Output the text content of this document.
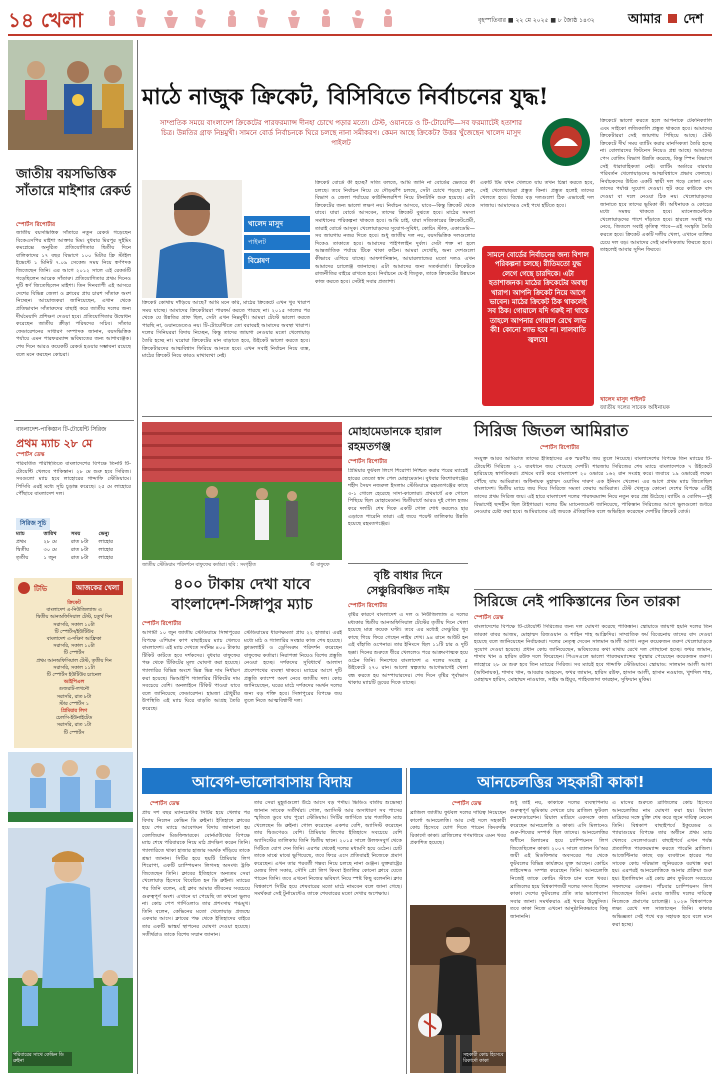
১৪ খেলা	বৃহস্পতিবার ■ ২২ মে ২০২৫ ■ ৮ জ্যৈষ্ঠ ১৪৩২	আমার দেশ
জাতীয় বয়সভিত্তিক সাঁতারে মাইশার রেকর্ড
স্পোর্টস রিপোর্টার
জাতীয় বয়সভিত্তিক সাঁতারে নতুন রেকর্ড গড়েছেন বিকেএসপির মাইশা আক্তার মিম। বুধবার মিরপুর সুইমিং কমপ্লেক্সে অনুষ্ঠিত প্রতিযোগিতার দ্বিতীয় দিনে বালিকাদের ১৭ বছর বিভাগে ১০০ মিটার ফ্রি স্টাইল ইভেন্টে ১ মিনিট ৭.০৯ সেকেন্ড সময় নিয়ে স্বর্ণপদক জিতেছেন তিনি। এর আগে ২০১২ সালে এই রেকর্ডটি গড়েছিলেন আরেক সাঁতারু। প্রতিযোগিতার প্রথম দিনেও দুটি স্বর্ণ জিতেছিলেন মাইশা। তিন দিনব্যাপী এই আসরে দেশের বিভিন্ন জেলা ও ক্লাবের প্রায় চারশ সাঁতারু অংশ নিচ্ছেন। আয়োজকরা জানিয়েছেন, এখান থেকে প্রতিভাবান সাঁতারুদের বাছাই করে জাতীয় দলের জন্য দীর্ঘমেয়াদি প্রশিক্ষণ দেওয়া হবে। প্রতিযোগিতার উদ্বোধন করেছেন জাতীয় ক্রীড়া পরিষদের সচিব। সাঁতার ফেডারেশনের সাধারণ সম্পাদক জানান, বয়সভিত্তিক পর্যায়ে এমন পারফরম্যান্স ভবিষ্যতের জন্য আশাব্যঞ্জক। শেষ দিনে আরও কয়েকটি রেকর্ড হওয়ার সম্ভাবনা রয়েছে বলে মনে করছেন কোচরা।
বাংলাদেশ-পাকিস্তান টি-টোয়েন্টি সিরিজ
প্রথম ম্যাচ ২৮ মে
স্পোর্টস ডেস্ক
পরিবর্তিত পরিস্থিতিতে বাংলাদেশের বিপক্ষে তিনটি টি-টোয়েন্টি খেলবে পাকিস্তান। ২৮ মে শুরু হবে সিরিজ। সবগুলো ম্যাচ হবে লাহোরের গাদ্দাফি স্টেডিয়ামে। পিসিবি এরই মধ্যে সূচি চূড়ান্ত করেছে। ২৫ মে লাহোরে পৌঁছাবে বাংলাদেশ দল।
সিরিজ সূচি
ম্যাচ	তারিখ	সময়	ভেন্যু
প্রথম	২৮ মে	রাত ৮টা	লাহোর
দ্বিতীয়	৩০ মে	রাত ৮টা	লাহোর
তৃতীয়	১ জুন	রাত ৮টা	লাহোর
টিভি	আজকের খেলা
ক্রিকেট
বাংলাদেশ এ-নিউজিল্যান্ড এ
দ্বিতীয় আনঅফিসিয়াল টেস্ট, চতুর্থ দিন
সরাসরি, সকাল ১০টা
টি স্পোর্টস/ইউটিউব
বাংলাদেশ এ-দক্ষিণ আফ্রিকা
সরাসরি, সকাল ১০টা
টি স্পোর্টস
প্রথম আনঅফিসিয়াল টেস্ট, তৃতীয় দিন
সরাসরি, সকাল ১১টা
টি স্পোর্টস ইউটিউব চ্যানেল
আইপিএল
গুজরাট-লখনৌ
সরাসরি, রাত ৮টা
স্টার স্পোর্টস ১
প্রিমিয়ার লিগ
চেলসি-ইউনাইটেড
সরাসরি, রাত ১টা
টি স্পোর্টস
মাঠে নাজুক ক্রিকেট, বিসিবিতে নির্বাচনের যুদ্ধ!
সাম্প্রতিক সময়ে বাংলাদেশ ক্রিকেটের পারফরম্যান্স দীনহা চোখে পড়ার মতো। টেস্ট, ওয়ানডে ও টি-টোয়েন্টি—সব ফরম্যাটেই হতাশার চিত্র। উন্নতির গ্রাফ নিম্নমুখী। সামনে বোর্ড নির্বাচনকে ঘিরে চলছে নানা সমীকরণ। কেমন আছে ক্রিকেট? উত্তর খুঁজেছেন খালেদ মাসুদ পাইলট
খালেদ মাসুদ
পাইলট
বিশ্লেষণ
ক্রিকেট কোথায় দাঁড়িয়ে আছে? আমি মনে করি, মাঠের ক্রিকেটে এখন খুব খারাপ সময় যাচ্ছে। আমাদের ক্রিকেটাররা পারফর্ম করতে পারছে না। ২০১৫ সালের পর থেকে যে উন্নতির গ্রাফ ছিল, সেটা এখন নিম্নমুখী। আমরা টেস্টে ভালো করতে পারছি না, ওয়ানডেতেও নয়। টি-টোয়েন্টিতে তো বরাবরই আমাদের অবস্থা খারাপ। দলের সিনিয়ররা বিদায় নিচ্ছেন, কিন্তু তাদের জায়গা নেওয়ার মতো খেলোয়াড় তৈরি হচ্ছে না। ঘরোয়া ক্রিকেটের মান বাড়াতে হবে, উইকেট ভালো করতে হবে। ক্রিকেটারদের আত্মবিশ্বাস ফিরিয়ে আনতে হবে। এখন সবাই নির্বাচন নিয়ে ব্যস্ত, মাঠের ক্রিকেট নিয়ে কারও মাথাব্যথা নেই।
ক্রিকেট বোর্ডে কী হচ্ছে? সত্যি বলতে, আমি জানি না বোর্ডের ভেতরে কী চলছে। তবে নির্বাচন নিয়ে যে দৌড়ঝাঁপ চলছে, সেটা চোখে পড়ছে। ক্লাব, বিভাগ ও জেলা পর্যায়ের কাউন্সিলরশিপ নিয়ে টানাটানি শুরু হয়েছে। এটা ক্রিকেটের জন্য ভালো লক্ষণ নয়। নির্বাচন আসবে, যাবে—কিন্তু ক্রিকেট থেকে যাবে। যারা বোর্ডে আসবেন, তাদের ক্রিকেট বুঝতে হবে। মাঠের সমস্যা সমাধানের পরিকল্পনা থাকতে হবে। আমি চাই, যারা সত্যিকারের ক্রিকেটপ্রেমী, তারাই বোর্ডে আসুক। খেলোয়াড়দের সুযোগ-সুবিধা, কোচিং স্টাফ, একাডেমি—সব জায়গায় নজর দিতে হবে। শুধু জাতীয় দল নয়, বয়সভিত্তিক দলগুলোর দিকেও তাকাতে হবে। আমাদের পাইপলাইন দুর্বল। সেটা শক্ত না হলে আন্তর্জাতিক পর্যায়ে টিকে থাকা কঠিন। আমরা দেখেছি, অন্য দেশগুলো কীভাবে এগিয়ে যাচ্ছে। আফগানিস্তান, আয়ারল্যান্ডের মতো দলও এখন আমাদের চ্যালেঞ্জ জানাচ্ছে। এটা আমাদের জন্য সতর্কবার্তা। ক্রিকেটকে রাজনীতির বাইরে রাখতে হবে। নির্বাচনে যে-ই জিতুক, তাকে ক্রিকেটের উন্নয়নে কাজ করতে হবে। সেটাই সবার প্রত্যাশা।
একটি টিম যখন খেলতে যায় তখন চিন্তা করতে হবে, সেই খেলোয়াড়রা প্রস্তুত কিনা। প্রস্তুত হলেই তাদের খেলতে হবে। বিশ্বের বড় দলগুলো ঠিক এভাবেই দল সাজায়। আমাদেরও সেই পথে হাঁটতে হবে।
সামনে বোর্ডের নির্বাচনের জন্য বিশাল পরিকল্পনা চলছে। রীতিমতো যুদ্ধ লেগে গেছে চারদিকে। এটা হতাশাজনক। মাঠের ক্রিকেটের অবস্থা খারাপ। আপনি ক্রিকেট নিয়ে আগে ভাবেন। মাঠের ক্রিকেট ঠিক থাকলেই সব ঠিক। গোয়ালে যদি গরুই না থাকে তাহলে আপনার গোয়াল রেখে লাভ কী! কোনো লাভ হবে না। লালবাতি জ্বলবে!
ক্রিকেটে ভালো করতে হলে আপনাকে টেকনিক্যালি এবং সাইকো লজিক্যালি প্রস্তুত থাকতে হবে। আমাদের ক্রিকেটাররা সেই জায়গায় পিছিয়ে আছে। টেস্ট ক্রিকেটে দীর্ঘ সময় ব্যাটিং করার মানসিকতা তৈরি হচ্ছে না। বোলারদের ফিটনেস নিয়েও প্রশ্ন আছে। আমাদের পেস বোলিং বিভাগ উন্নতি করেছে, কিন্তু স্পিন বিভাগে সেই ধারাবাহিকতা নেই। ব্যাটিং অর্ডারে বারবার পরিবর্তন খেলোয়াড়দের আত্মবিশ্বাসে প্রভাব ফেলছে। নির্বাচকদের উচিত একটি স্থায়ী দল গড়ে তোলা এবং তাদের পর্যাপ্ত সুযোগ দেওয়া। হুট করে কাউকে বাদ দেওয়া বা দলে নেওয়া ঠিক নয়। খেলোয়াড়দের জানাতে হবে তাদের ভূমিকা কী। অধিনায়ক ও কোচের মধ্যে সমন্বয় থাকতে হবে। ম্যানেজমেন্টকে খেলোয়াড়দের পাশে দাঁড়াতে হবে। হারলে সবাই দায় নেবে, জিতলে সবাই কৃতিত্ব পাবে—এই সংস্কৃতি তৈরি করতে হবে। ক্রিকেট একটি দলীয় খেলা, এখানে ব্যক্তির চেয়ে দল বড়। আমাদের সেই মানসিকতায় ফিরতে হবে। তাহলেই আবার সুদিন ফিরবে।
খালেদ মাসুদ পাইলট
জাতীয় দলের সাবেক অধিনায়ক
জাতীয় স্টেডিয়াম পরিদর্শনে বাফুফের কর্তারা। ছবি : সংগৃহীত	© বাফুফে
৪০০ টাকায় দেখা যাবে
বাংলাদেশ-সিঙ্গাপুর ম্যাচ
স্পোর্টস রিপোর্টার
আগামী ১০ জুন জাতীয় স্টেডিয়ামে সিঙ্গাপুরের বিপক্ষে এশিয়ান কাপ বাছাইয়ের ম্যাচ খেলবে বাংলাদেশ। এই ম্যাচ দেখতে সর্বনিম্ন ৪০০ টাকায় টিকিট কাটতে হবে দর্শকদের। বুধবার বাফুফের পক্ষ থেকে টিকিটের মূল্য ঘোষণা করা হয়েছে। গ্যালারির বিভিন্ন অংশে ভিন্ন ভিন্ন দাম নির্ধারণ করা হয়েছে। ভিআইপি গ্যালারির টিকিটের দাম সবচেয়ে বেশি। অনলাইনে টিকিট পাওয়া যাবে বলে জানিয়েছে ফেডারেশন। হামজা চৌধুরীর উপস্থিতি এই ম্যাচ ঘিরে বাড়তি আগ্রহ তৈরি করেছে।
স্টেডিয়ামের ধারণক্ষমতা প্রায় ২২ হাজার। এরই মধ্যে মাঠ ও গ্যালারির সংস্কার কাজ শেষ হয়েছে। ফ্লাডলাইট ও ড্রেসিংরুম পরিদর্শন করেছেন বাফুফের কর্তারা। নিরাপত্তা নিয়েও বিশেষ প্রস্তুতি নেওয়া হচ্ছে। দর্শকদের সুবিধার্থে আলাদা প্রবেশপথের ব্যবস্থা থাকবে। ম্যাচের আগে দুটি প্রস্তুতি ক্যাম্পে অংশ নেবে জাতীয় দল। কোচ জানিয়েছেন, ঘরের মাঠে দর্শকদের সমর্থন দলের জন্য বড় শক্তি হবে। সিঙ্গাপুরের বিপক্ষে জয় তুলে নিতে আত্মবিশ্বাসী দল।
মোহামেডানকে হারাল রহমতগঞ্জ
স্পোর্টস রিপোর্টার
প্রিমিয়ার ফুটবল লিগে শিরোপা নিশ্চিত করার পরের ম্যাচেই হারের তেতো স্বাদ পেল মোহামেডান। বুধবার কিশোরগঞ্জের শহীদ সৈয়দ নজরুল ইসলাম স্টেডিয়ামে রহমতগঞ্জের কাছে ৩-১ গোলে হেরেছে সাদা-কালোরা। প্রথমার্ধে এক গোলে পিছিয়ে ছিল মোহামেডান। দ্বিতীয়ার্ধে আরও দুই গোল হজম করে দলটি। শেষ দিকে একটি গোল শোধ করলেও হার এড়াতে পারেনি তারা। এই জয়ে পয়েন্ট তালিকায় উন্নতি হয়েছে রহমতগঞ্জের।
বৃষ্টি বাধার দিনে সেঞ্চুরিবঞ্চিত নাইম
স্পোর্টস রিপোর্টার
বৃষ্টির কারণে বাংলাদেশ এ দল ও নিউজিল্যান্ড এ দলের মধ্যকার দ্বিতীয় আনঅফিসিয়াল টেস্টের তৃতীয় দিনে খেলা হয়েছে মাত্র কয়েক ঘণ্টা। তবে এর মধ্যেই সেঞ্চুরির খুব কাছে গিয়ে ফিরে গেছেন নাইম শেখ। ৯৪ রানে আউট হন এই বাঁহাতি ওপেনার। তার ইনিংসে ছিল ১১টি চার ও দুটি ছক্কা। দিনের শুরুতে ধীরে খেললেও পরে আক্রমণাত্মক হয়ে ওঠেন তিনি। দিনশেষে বাংলাদেশ এ দলের সংগ্রহ ৫ উইকেটে ২৭০ রান। আলো স্বল্পতায় আগেভাগেই খেলা বন্ধ করতে হয় আম্পায়ারদের। শেষ দিনে বৃষ্টির পূর্বাভাস থাকায় ম্যাচটি ড্রয়ের দিকে যাচ্ছে।
সিরিজ জিতল আমিরাত
স্পোর্টস রিপোর্টার
সংযুক্ত আরব আমিরাত তাদের ইতিহাসের এক স্মরণীয় জয় তুলে নিয়েছে। বাংলাদেশের বিপক্ষে তিন ম্যাচের টি-টোয়েন্টি সিরিজে ২-১ ব্যবধানে জয় পেয়েছে দেশটি। শারজায় সিরিজের শেষ ম্যাচে বাংলাদেশকে ৭ উইকেটে হারিয়েছে স্বাগতিকরা। প্রথমে ব্যাট করে বাংলাদেশ ২০ ওভারে ১৬২ রান সংগ্রহ করে। জবাবে ১৯ ওভারেই লক্ষ্যে পৌঁছে যায় আমিরাত। অধিনায়ক মুহাম্মদ ওয়াসিম দারুণ এক ইনিংস খেলেন। এর আগে প্রথম ম্যাচ জিতেছিল বাংলাদেশ। দ্বিতীয় ম্যাচে জয় দিয়ে সিরিজে সমতা ফেরায় আমিরাত। টেস্ট খেলুড়ে কোনো দেশের বিপক্ষে এটিই তাদের প্রথম সিরিজ জয়। এই হারে বাংলাদেশ দলের পারফরম্যান্স নিয়ে নতুন করে প্রশ্ন উঠেছে। ব্যাটিং ও বোলিং—দুই বিভাগেই ছন্দহীন ছিল টাইগাররা। দলের টিম ম্যানেজমেন্ট জানিয়েছে, পাকিস্তান সিরিজের আগে ভুলগুলো শুধরে নেওয়ার চেষ্টা করা হবে। আমিরাতের এই জয়কে ঐতিহাসিক বলে অভিহিত করেছেন দেশটির ক্রিকেট বোর্ড।
সিরিজে নেই পাকিস্তানের তিন তারকা
স্পোর্টস ডেস্ক
বাংলাদেশের বিপক্ষে টি-টোয়েন্টি সিরিজের জন্য দল ঘোষণা করেছে পাকিস্তান। স্কোয়াডে জায়গা হয়নি দলের তিন তারকা বাবর আজম, মোহাম্মদ রিজওয়ান ও শাহিন শাহ আফ্রিদির। সাম্প্রতিক ফর্ম বিবেচনায় তাদের বাদ দেওয়া হয়েছে বলে জানিয়েছেন নির্বাচকরা। দলের নেতৃত্ব দেবেন সালমান আলী আগা। নতুন কয়েকজন তরুণ খেলোয়াড়কে সুযোগ দেওয়া হয়েছে। প্রধান কোচ জানিয়েছেন, ভবিষ্যতের কথা মাথায় রেখে দল গোছানো হচ্ছে। ফখর জামান, শাদাব খান ও হারিস রউফ দলে ফিরেছেন। পিএসএলে ভালো পারফরম্যান্সের পুরস্কার পেয়েছেন কয়েকজন তরুণ। লাহোরে ২৮ মে শুরু হবে তিন ম্যাচের সিরিজ। সব ম্যাচই হবে গাদ্দাফি স্টেডিয়ামে। স্কোয়াড: সালমান আলী আগা (অধিনায়ক), শাদাব খান, আবরার আহমেদ, ফখর জামান, হারিস রউফ, হাসান আলী, হাসান নওয়াজ, খুশদিল শাহ, মোহাম্মদ হারিস, মোহাম্মদ নাওয়াজ, সাইম আইয়ুব, শাহিবজাদা ফারহান, সুফিয়ান মুকিম।
আবেগ-ভালোবাসায় বিদায়	আনচেলত্তির সহকারী কাকা!
পরিবারের সাথে কেভিন ডি ব্রুইনা
স্পোর্টস ডেস্ক
প্রায় দশ বছর ম্যানচেস্টার সিটির হয়ে খেলার পর বিদায় নিলেন কেভিন ডি ব্রুইনা। ইতিহাদে ক্লাবের হয়ে শেষ ম্যাচে আবেগঘন বিদায় জানানো হয় বেলজিয়ান মিডফিল্ডারকে। বোর্নমাউথের বিপক্ষে ম্যাচ শেষে পরিবারকে নিয়ে মাঠ প্রদক্ষিণ করেন তিনি। গ্যালারিতে থাকা হাজার হাজার সমর্থক দাঁড়িয়ে তাকে শ্রদ্ধা জানান। সিটির হয়ে ছয়টি প্রিমিয়ার লিগ শিরোপা, একটি চ্যাম্পিয়নস লিগসহ অসংখ্য ট্রফি জিতেছেন তিনি। ক্লাবের ইতিহাসে অন্যতম সেরা খেলোয়াড় হিসেবে বিবেচিত হন ডি ব্রুইনা। ম্যাচের পর তিনি বলেন, এই ক্লাব আমার জীবনের সবচেয়ে গুরুত্বপূর্ণ অংশ। এখানে যা পেয়েছি তা কখনো ভুলব না। কোচ পেপ গার্দিওলাও তার প্রশংসায় পঞ্চমুখ। তিনি বলেন, কেভিনের মতো খেলোয়াড় প্রজন্মে একবার আসে। ক্লাবের পক্ষ থেকে ইতিহাদের বাইরে তার একটি ভাস্কর্য স্থাপনের ঘোষণা দেওয়া হয়েছে। সতীর্থরাও তাকে বিশেষ সম্মান জানান।
তার সেরা মুহূর্তগুলো উঠে আসে বড় পর্দায়। ভিডিও বার্তায় শুভেচ্ছা জানান সাবেক সতীর্থরা। গোল, অ্যাসিস্ট আর অসাধারণ সব পাসের স্মৃতিতে ডুবে যায় পুরো স্টেডিয়াম। সিটির জার্সিতে চার শতাধিক ম্যাচ খেলেছেন ডি ব্রুইনা। গোল করেছেন একশর বেশি, অ্যাসিস্ট করেছেন তার দ্বিগুণেরও বেশি। প্রিমিয়ার লিগের ইতিহাসে সবচেয়ে বেশি অ্যাসিস্টের তালিকায় তিনি দ্বিতীয় স্থানে। ২০১৫ সালে উলফসবুর্গ থেকে সিটিতে যোগ দেন তিনি। এরপর থেকেই দলের মধ্যমণি হয়ে ওঠেন। চোট তাকে মাঝে মাঝে ভুগিয়েছে, তবে ফিরে এসে প্রতিবারই নিজেকে প্রমাণ করেছেন। এখন তার পরবর্তী গন্তব্য নিয়ে চলছে নানা গুঞ্জন। যুক্তরাষ্ট্রের মেজর লিগ সকার, সৌদি প্রো লিগ কিংবা ইতালির কোনো ক্লাবে যেতে পারেন তিনি। তবে এখনো নিজের ভবিষ্যৎ নিয়ে স্পষ্ট কিছু বলেননি। ক্লাব বিশ্বকাপে সিটির হয়ে শেষবারের মতো মাঠে নামবেন বলে জানা গেছে। সমর্থকরা সেই টুর্নামেন্টেও তাকে শেষবারের মতো দেখার অপেক্ষায়।
স্পোর্টস ডেস্ক
ব্রাজিল জাতীয় ফুটবল দলের দায়িত্ব নিয়েছেন কার্লো আনচেলত্তি। আর সেই দলে সহকারী কোচ হিসেবে যোগ দিতে পারেন কিংবদন্তি রিকার্দো কাকা। ব্রাজিলের গণমাধ্যমে এমন খবর প্রকাশিত হয়েছে।
সহকারী কোচ হিসেবে রিকার্দো কাকা
শুধু তাই নয়, কাকাকে দলের ব্যবস্থাপনায় গুরুত্বপূর্ণ ভূমিকায় দেখতে চায় ব্রাজিল ফুটবল কনফেডারেশন। রিয়াল মাদ্রিদে একসঙ্গে কাজ করেছেন আনচেলত্তি ও কাকা। এসি মিলানেও গুরু-শিষ্যের সম্পর্ক ছিল তাদের। আনচেলত্তির অধীনে মিলানের হয়ে চ্যাম্পিয়নস লিগ জিতেছিলেন কাকা। ২০০৭ সালে ব্যালন ডি'অর জয়ী এই মিডফিল্ডার অবসরের পর থেকে ফুটবলের বিভিন্ন কার্যক্রমে যুক্ত আছেন। কোচিং লাইসেন্সও সম্পন্ন করেছেন তিনি। আনচেলত্তি নিজেই তাকে কোচিং স্টাফে চান বলে খবর। ব্রাজিলের হয়ে বিশ্বকাপজয়ী দলের সদস্য ছিলেন কাকা। দেশের ফুটবলের প্রতি তার ভালোবাসা সবার জানা। সমর্থকরাও এই খবরে উচ্ছ্বসিত। তবে কাকা নিজে এখনো আনুষ্ঠানিকভাবে কিছু জানাননি।
এ মাসের শুরুতে ব্রাজিলের কোচ হিসেবে আনচেলত্তির নাম ঘোষণা করা হয়। রিয়াল মাদ্রিদের সঙ্গে চুক্তি শেষ করে জুনে দায়িত্ব নেবেন তিনি। বিশ্বকাপ বাছাইপর্বে ইকুয়েডর ও প্যারাগুয়ের বিপক্ষে তার অধীনে প্রথম ম্যাচ খেলবে সেলেসাওরা। বাছাইপর্বে এখন পর্যন্ত প্রত্যাশিত পারফরম্যান্স করতে পারেনি ব্রাজিল। আর্জেন্টিনার কাছে বড় ব্যবধানে হারের পর সাবেক কোচ দরিভাল জুনিয়রকে বরখাস্ত করা হয়। এরপরই আনচেলত্তিকে আনার প্রক্রিয়া শুরু হয়। ইতালিয়ান এই কোচ ক্লাব ফুটবলে সবচেয়ে সফলদের একজন। পাঁচবার চ্যাম্পিয়নস লিগ জিতেছেন তিনি। এবার জাতীয় দলের দায়িত্বে নিজেকে প্রমাণের চ্যালেঞ্জ। ২০২৬ বিশ্বকাপকে লক্ষ্য রেখে দল সাজাচ্ছেন তিনি। কাকার অভিজ্ঞতা সেই পথে বড় সহায়ক হবে বলে মনে করা হচ্ছে।
